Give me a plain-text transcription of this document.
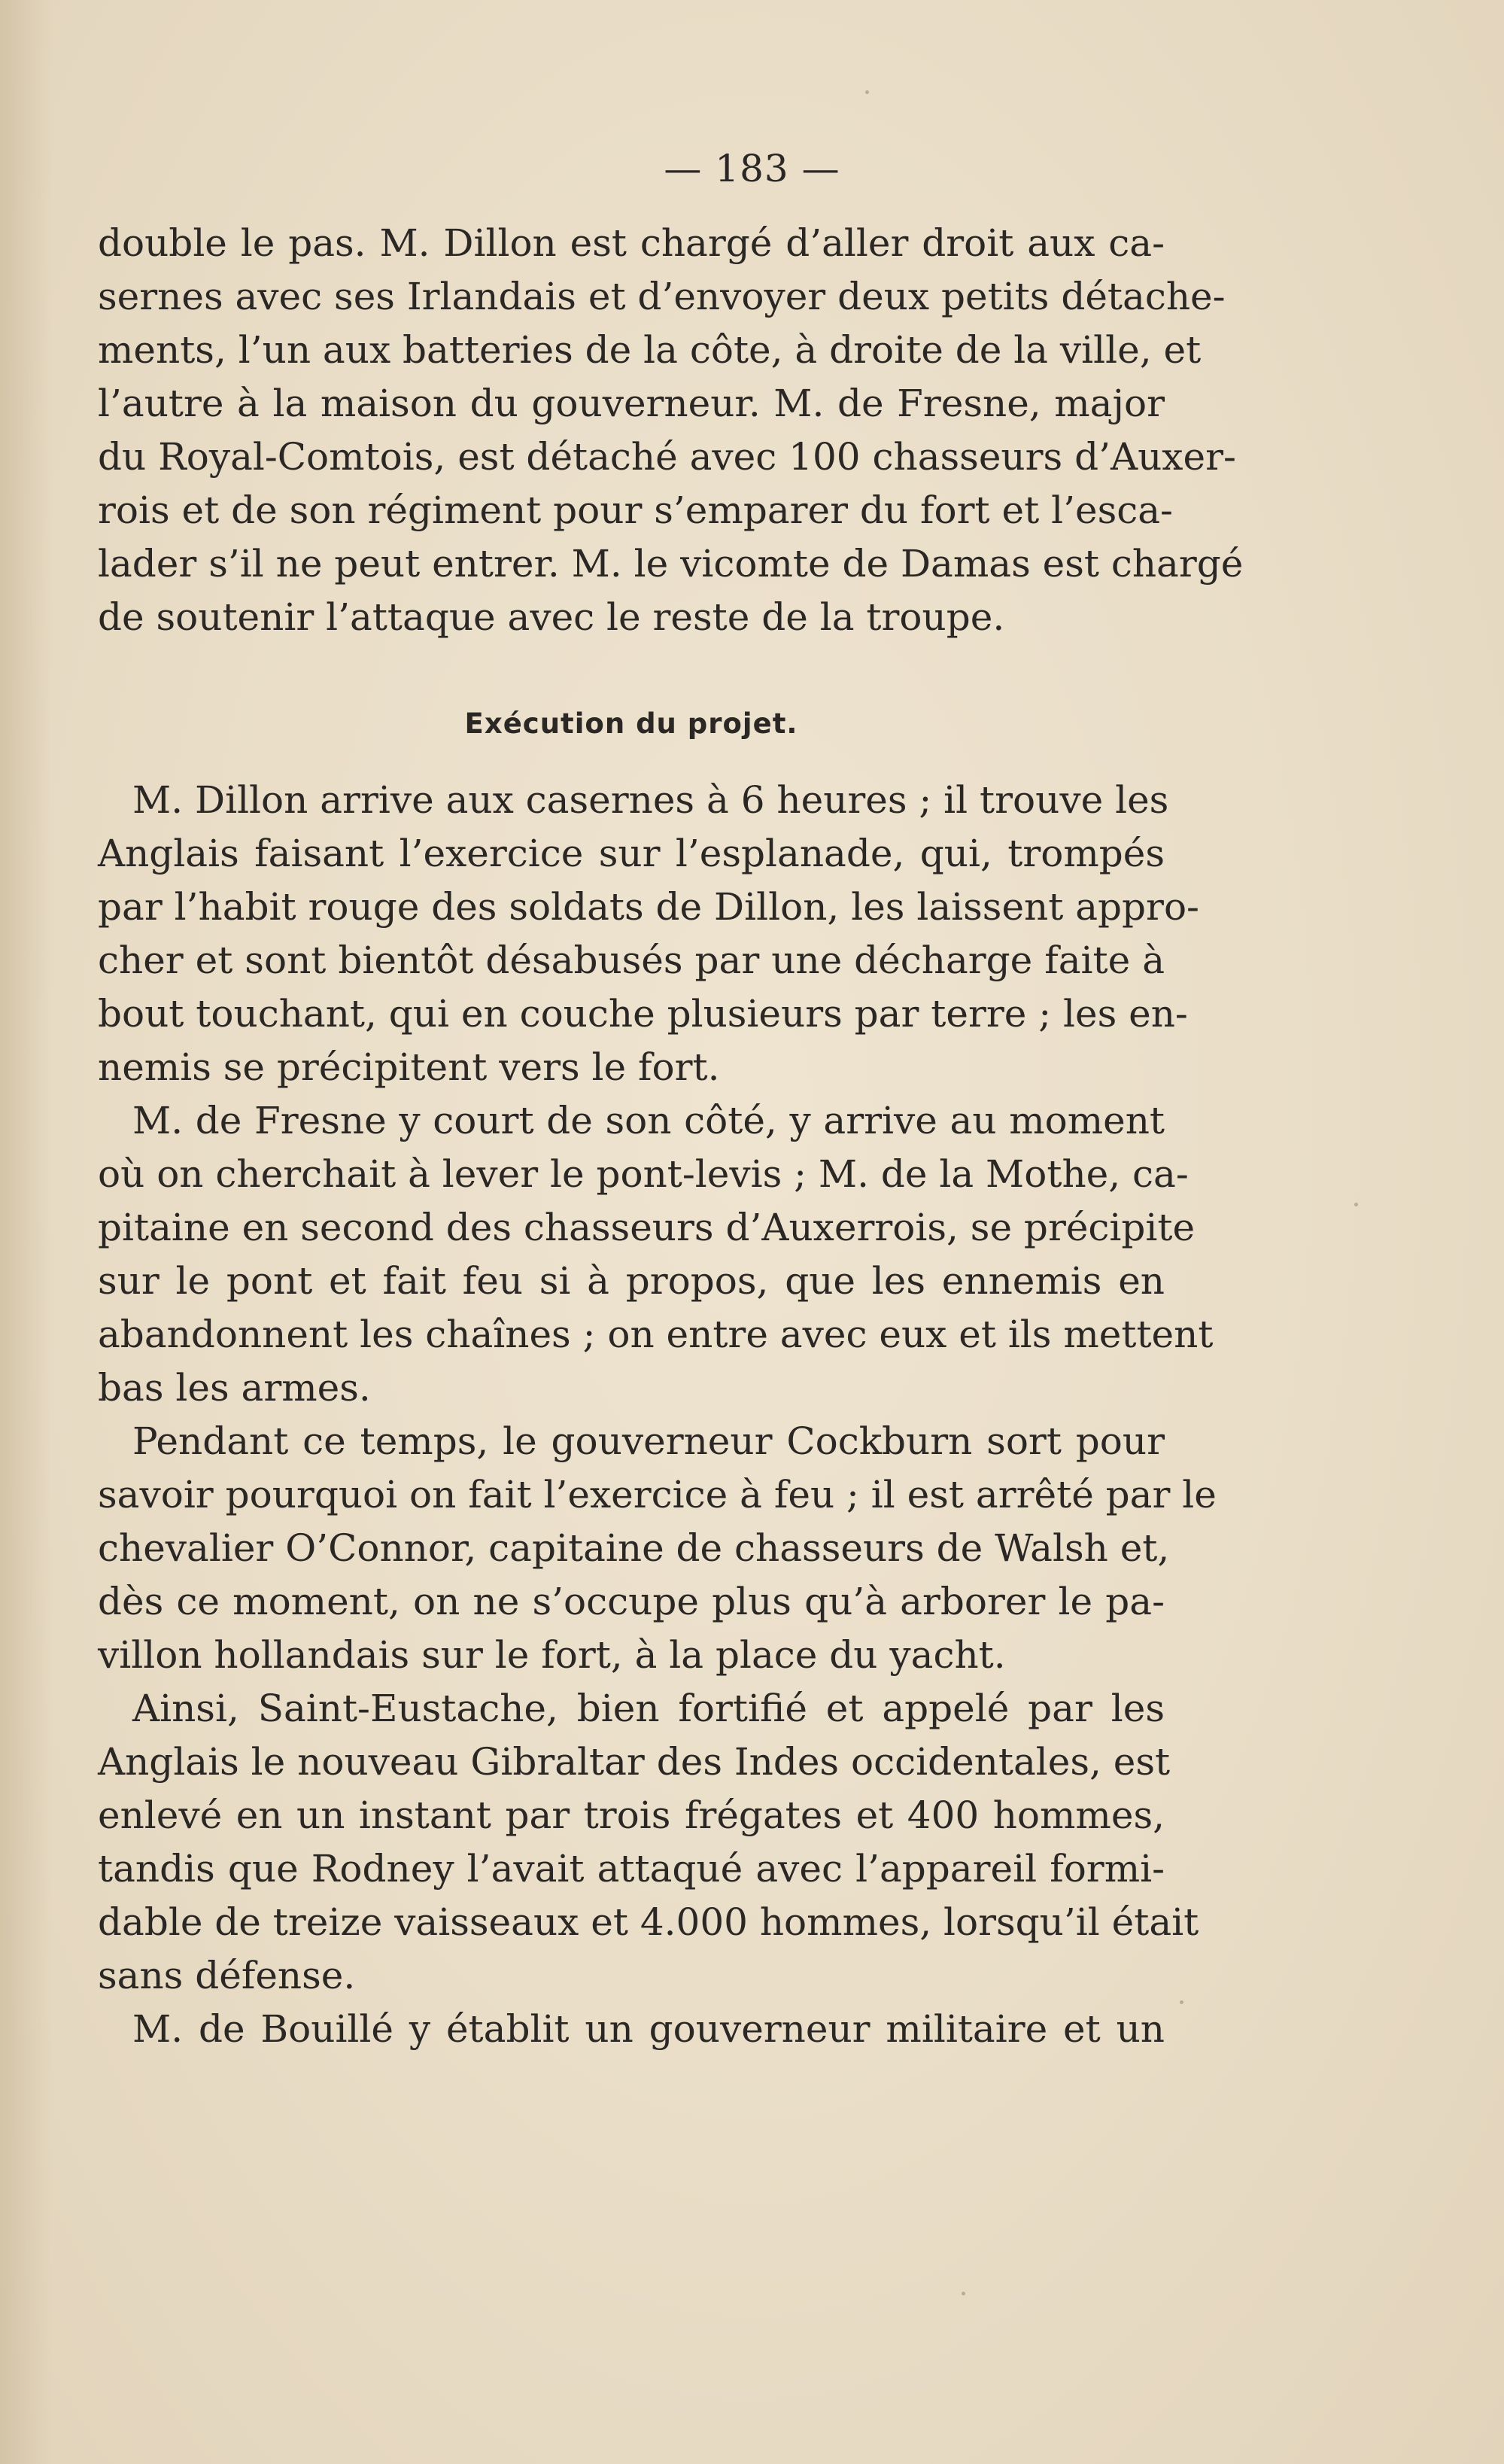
— 183 —
double le pas. M. Dillon est chargé d’aller droit aux ca-
sernes avec ses Irlandais et d’envoyer deux petits détache-
ments, l’un aux batteries de la côte, à droite de la ville, et
l’autre à la maison du gouverneur. M. de Fresne, major
du Royal-Comtois, est détaché avec 100 chasseurs d’Auxer-
rois et de son régiment pour s’emparer du fort et l’esca-
lader s’il ne peut entrer. M. le vicomte de Damas est chargé
de soutenir l’attaque avec le reste de la troupe.
Exécution du projet.
M. Dillon arrive aux casernes à 6 heures ; il trouve les
Anglais faisant l’exercice sur l’esplanade, qui, trompés
par l’habit rouge des soldats de Dillon, les laissent appro-
cher et sont bientôt désabusés par une décharge faite à
bout touchant, qui en couche plusieurs par terre ; les en-
nemis se précipitent vers le fort.
M. de Fresne y court de son côté, y arrive au moment
où on cherchait à lever le pont-levis ; M. de la Mothe, ca-
pitaine en second des chasseurs d’Auxerrois, se précipite
sur le pont et fait feu si à propos, que les ennemis en
abandonnent les chaînes ; on entre avec eux et ils mettent
bas les armes.
Pendant ce temps, le gouverneur Cockburn sort pour
savoir pourquoi on fait l’exercice à feu ; il est arrêté par le
chevalier O’Connor, capitaine de chasseurs de Walsh et,
dès ce moment, on ne s’occupe plus qu’à arborer le pa-
villon hollandais sur le fort, à la place du yacht.
Ainsi, Saint-Eustache, bien fortifié et appelé par les
Anglais le nouveau Gibraltar des Indes occidentales, est
enlevé en un instant par trois frégates et 400 hommes,
tandis que Rodney l’avait attaqué avec l’appareil formi-
dable de treize vaisseaux et 4.000 hommes, lorsqu’il était
sans défense.
M. de Bouillé y établit un gouverneur militaire et un
